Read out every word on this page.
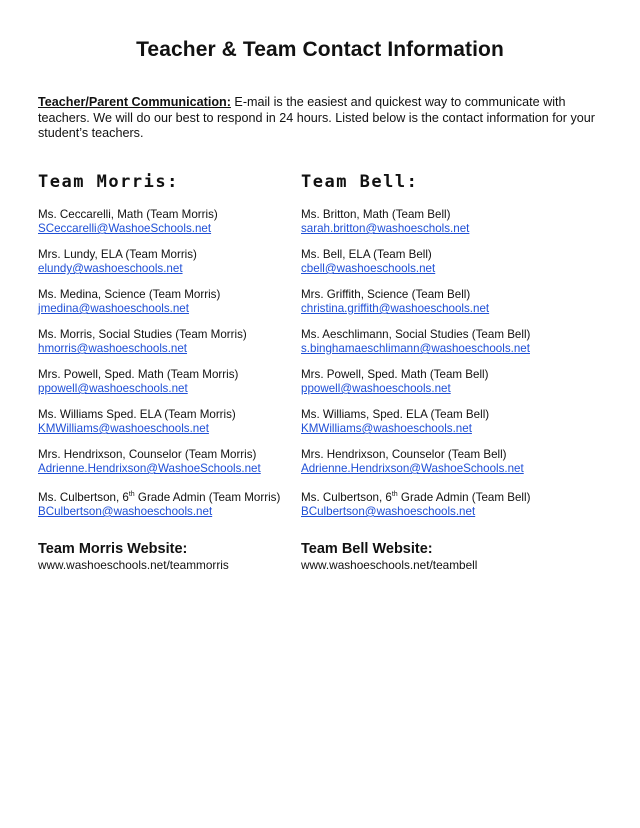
Teacher & Team Contact Information
Teacher/Parent Communication: E-mail is the easiest and quickest way to communicate with teachers. We will do our best to respond in 24 hours. Listed below is the contact information for your student’s teachers.
Team Morris:
Ms. Ceccarelli, Math (Team Morris)
SCeccarelli@WashoeSchools.net
Mrs. Lundy, ELA (Team Morris)
elundy@washoeschools.net
Ms. Medina, Science (Team Morris)
jmedina@washoeschools.net
Ms. Morris, Social Studies (Team Morris)
hmorris@washoeschools.net
Mrs. Powell, Sped. Math (Team Morris)
ppowell@washoeschools.net
Ms. Williams Sped. ELA (Team Morris)
KMWilliams@washoeschools.net
Mrs. Hendrixson, Counselor (Team Morris)
Adrienne.Hendrixson@WashoeSchools.net
Ms. Culbertson, 6th Grade Admin (Team Morris)
BCulbertson@washoeschools.net
Team Morris Website:
www.washoeschools.net/teammorris
Team Bell:
Ms. Britton, Math (Team Bell)
sarah.britton@washoeschols.net
Ms. Bell, ELA (Team Bell)
cbell@washoeschools.net
Mrs. Griffith, Science (Team Bell)
christina.griffith@washoeschools.net
Ms. Aeschlimann, Social Studies (Team Bell)
s.binghamaeschlimann@washoeschools.net
Mrs. Powell, Sped. Math (Team Bell)
ppowell@washoeschools.net
Ms. Williams, Sped. ELA (Team Bell)
KMWilliams@washoeschools.net
Mrs. Hendrixson, Counselor (Team Bell)
Adrienne.Hendrixson@WashoeSchools.net
Ms. Culbertson, 6th Grade Admin (Team Bell)
BCulbertson@washoeschools.net
Team Bell Website:
www.washoeschools.net/teambell
